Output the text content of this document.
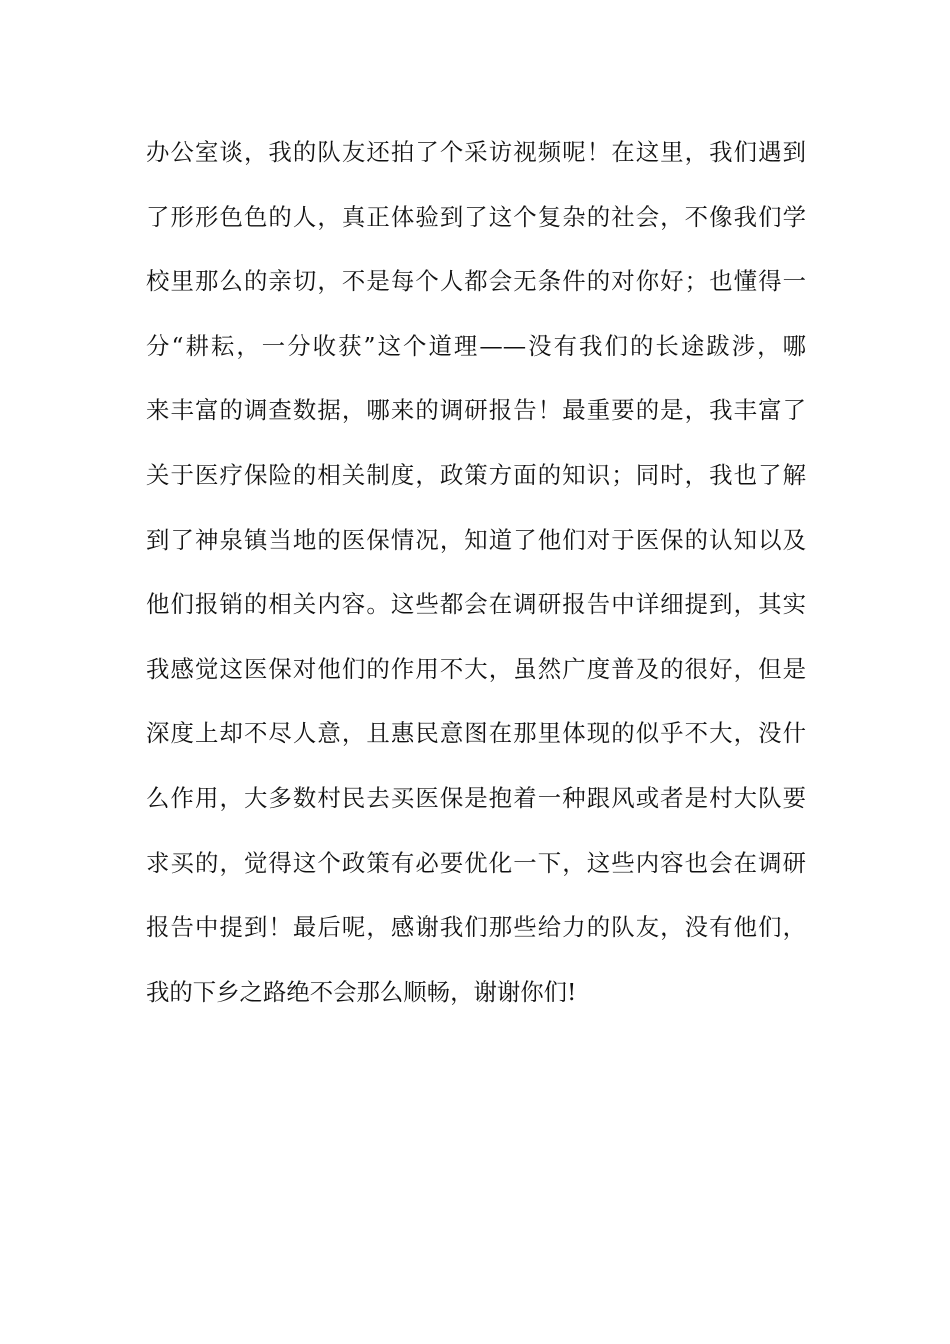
办公室谈，我的队友还拍了个采访视频呢！在这里，我们遇到

了形形色色的人，真正体验到了这个复杂的社会，不像我们学

校里那么的亲切，不是每个人都会无条件的对你好；也懂得一

分“耕耘，一分收获”这个道理——没有我们的长途跋涉，哪

来丰富的调查数据，哪来的调研报告！最重要的是，我丰富了

关于医疗保险的相关制度，政策方面的知识；同时，我也了解

到了神泉镇当地的医保情况，知道了他们对于医保的认知以及

他们报销的相关内容。这些都会在调研报告中详细提到，其实

我感觉这医保对他们的作用不大，虽然广度普及的很好，但是

深度上却不尽人意，且惠民意图在那里体现的似乎不大，没什

么作用，大多数村民去买医保是抱着一种跟风或者是村大队要

求买的，觉得这个政策有必要优化一下，这些内容也会在调研

报告中提到！最后呢，感谢我们那些给力的队友，没有他们，

我的下乡之路绝不会那么顺畅，谢谢你们!
